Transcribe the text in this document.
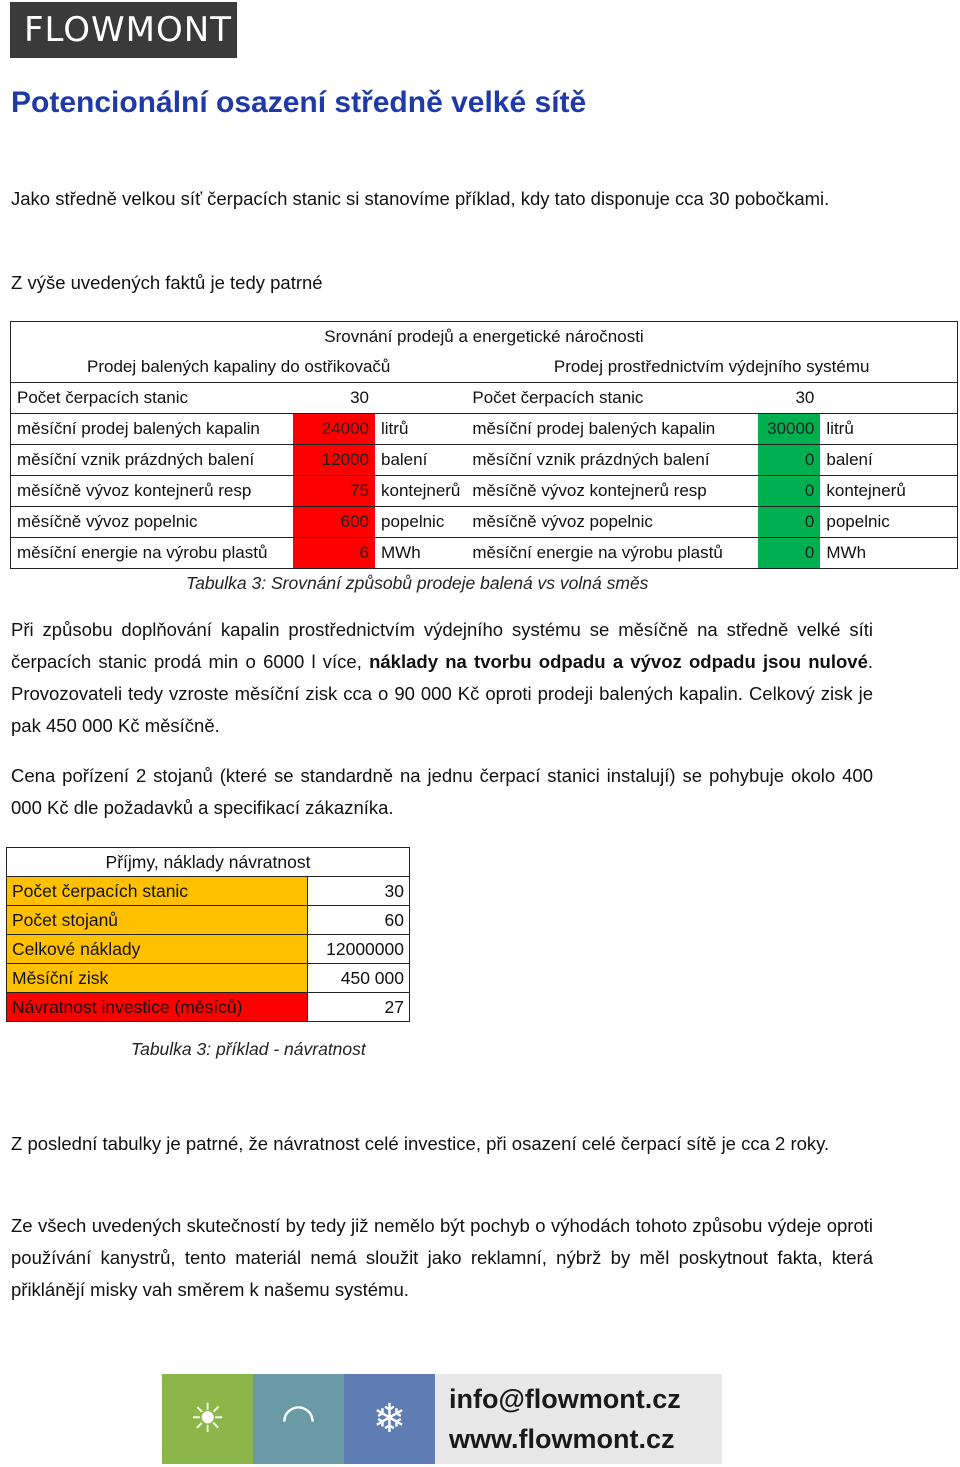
FLOWMONT
Potencionální osazení středně velké sítě
Jako středně velkou síť čerpacích stanic si stanovíme příklad, kdy tato disponuje cca 30 pobočkami.
Z výše uvedených faktů je tedy patrné
Srovnání prodejů a energetické náročnosti					
Prodej balených kapaliny do ostřikovačů			Prodej prostřednictvím výdejního systému		
Počet čerpacích stanic	30		Počet čerpacích stanic	30	
měsíční prodej balených kapalin	24000	litrů	měsíční prodej balených kapalin	30000	litrů
měsíční vznik prázdných balení	12000	balení	měsíční vznik prázdných balení	0	balení
měsíčně vývoz kontejnerů resp	75	kontejnerů	měsíčně vývoz kontejnerů resp	0	kontejnerů
měsíčně vývoz popelnic	600	popelnic	měsíčně vývoz popelnic	0	popelnic
měsíční energie na výrobu plastů	6	MWh	měsíční energie na výrobu plastů	0	MWh
Tabulka 3: Srovnání způsobů prodeje balená vs volná směs
Při způsobu doplňování kapalin prostřednictvím výdejního systému se měsíčně na středně velké síti čerpacích stanic prodá min o 6000 l více, náklady na tvorbu odpadu a vývoz odpadu jsou nulové. Provozovateli tedy vzroste měsíční zisk cca o 90 000 Kč oproti prodeji balených kapalin. Celkový zisk je pak 450 000 Kč měsíčně.
Cena pořízení 2 stojanů (které se standardně na jednu čerpací stanici instalují) se pohybuje okolo 400 000 Kč dle požadavků a specifikací zákazníka.
Příjmy, náklady návratnost	
Počet čerpacích stanic	30
Počet stojanů	60
Celkové náklady	12000000
Měsíční zisk	450 000
Návratnost investice (měsíců)	27
Tabulka 3: příklad - návratnost
Z poslední tabulky je patrné, že návratnost celé investice, při osazení celé čerpací sítě je cca 2 roky.
Ze všech uvedených skutečností by tedy již nemělo být pochyb o výhodách tohoto způsobu výdeje oproti používání kanystrů, tento materiál nemá sloužit jako reklamní, nýbrž by měl poskytnout fakta, která přiklánějí misky vah směrem k našemu systému.
☀	◠	❄	info@flowmont.cz
www.flowmont.cz
